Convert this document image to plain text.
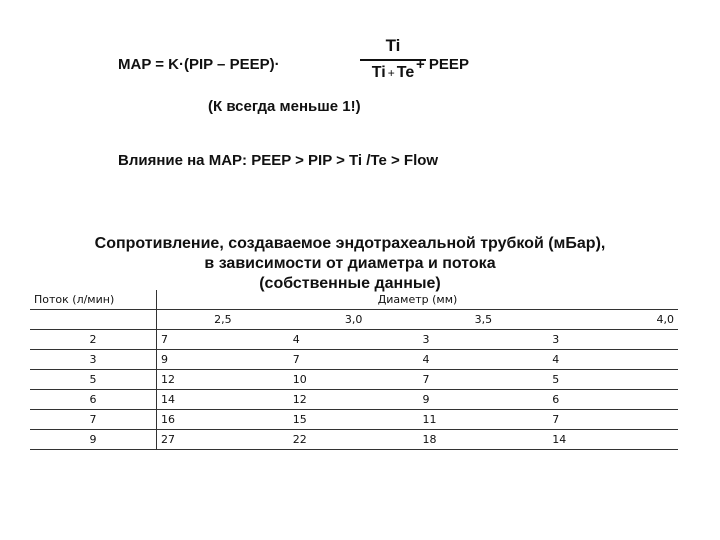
MAP = K·(PIP – PEEP)·
Ti
Ti + Te + PEEP
(К всегда меньше 1!)
Влияние на MAP: PEEP > PIP > Ti /Te > Flow
Сопротивление, создаваемое эндотрахеальной трубкой (мБар),
в зависимости от диаметра и потока
(собственные данные)
Поток (л/мин)	Диаметр (мм)			
	2,5	3,0	3,5	4,0
2	7	4	3	3
3	9	7	4	4
5	12	10	7	5
6	14	12	9	6
7	16	15	11	7
9	27	22	18	14
